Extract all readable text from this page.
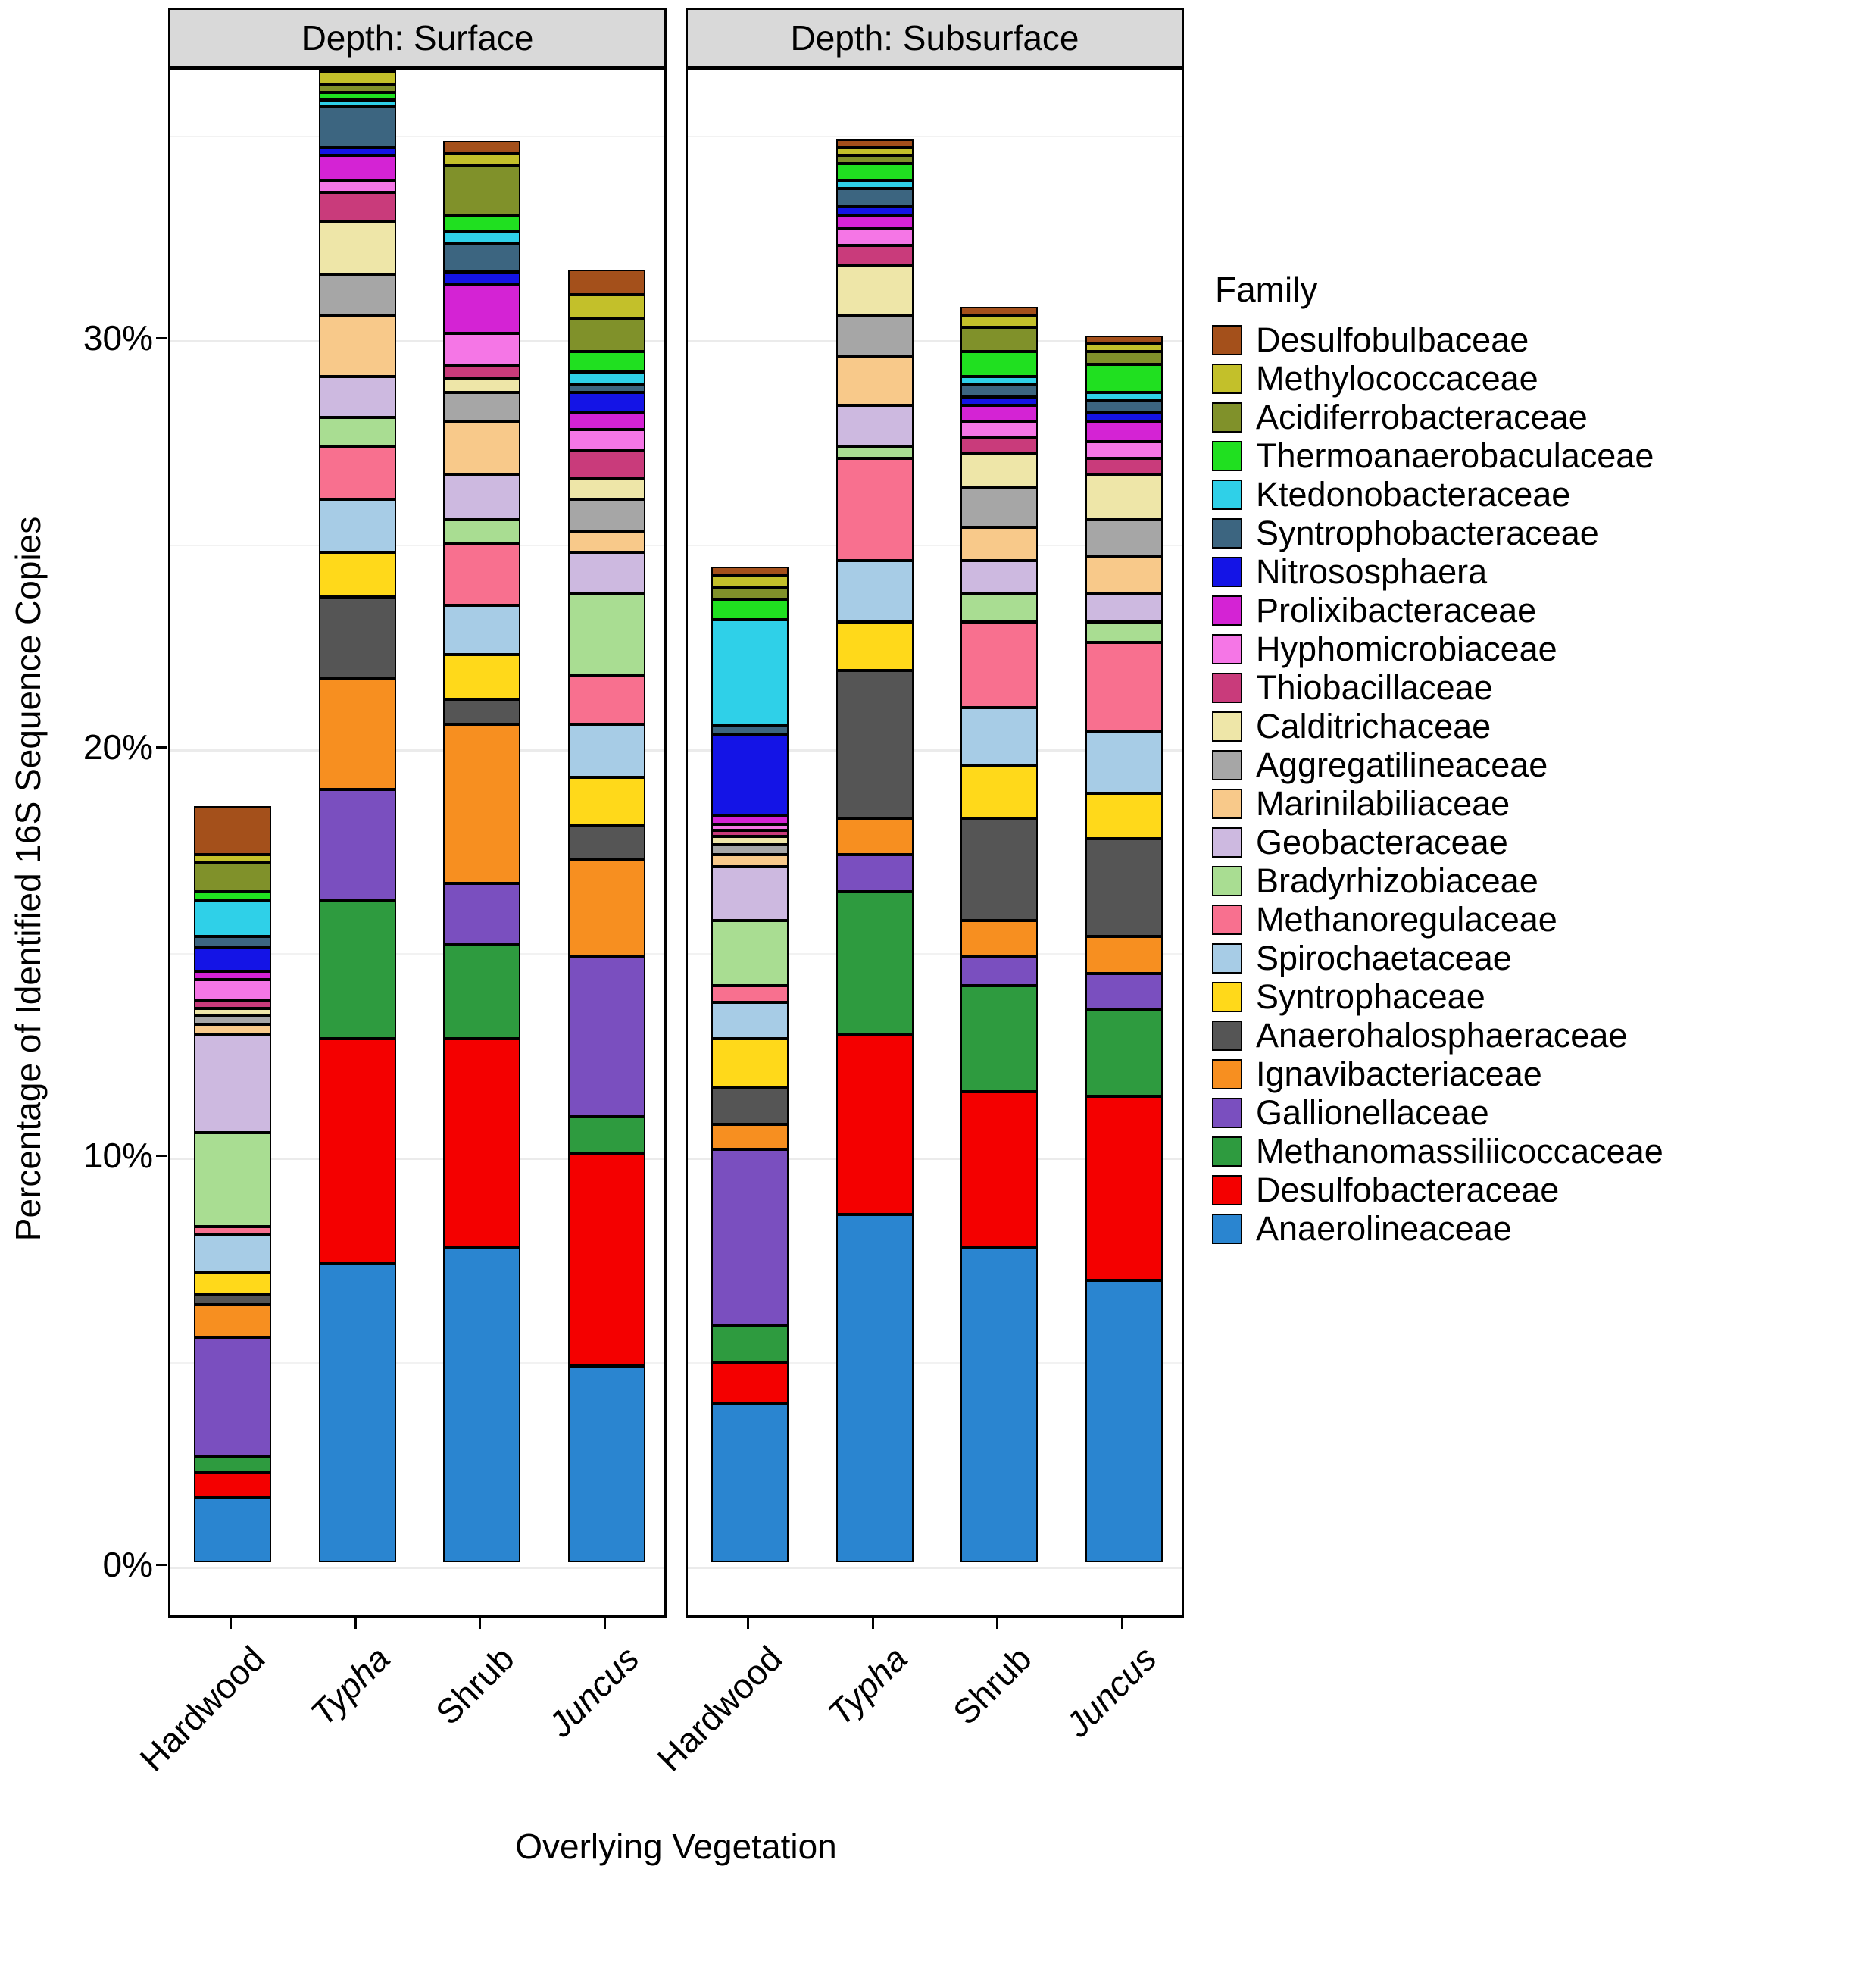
Percentage of Identified 16S Sequence Copies
0%
10%
20%
30%
Depth: Surface	Depth: Subsurface
Hardwood Typha Shrub Juncus Hardwood Typha Shrub Juncus
Overlying Vegetation
Family
Desulfobulbaceae
Methylococcaceae
Acidiferrobacteraceae
Thermoanaerobaculaceae
Ktedonobacteraceae
Syntrophobacteraceae
Nitrososphaera
Prolixibacteraceae
Hyphomicrobiaceae
Thiobacillaceae
Calditrichaceae
Aggregatilineaceae
Marinilabiliaceae
Geobacteraceae
Bradyrhizobiaceae
Methanoregulaceae
Spirochaetaceae
Syntrophaceae
Anaerohalosphaeraceae
Ignavibacteriaceae
Gallionellaceae
Methanomassiliicoccaceae
Desulfobacteraceae
Anaerolineaceae
